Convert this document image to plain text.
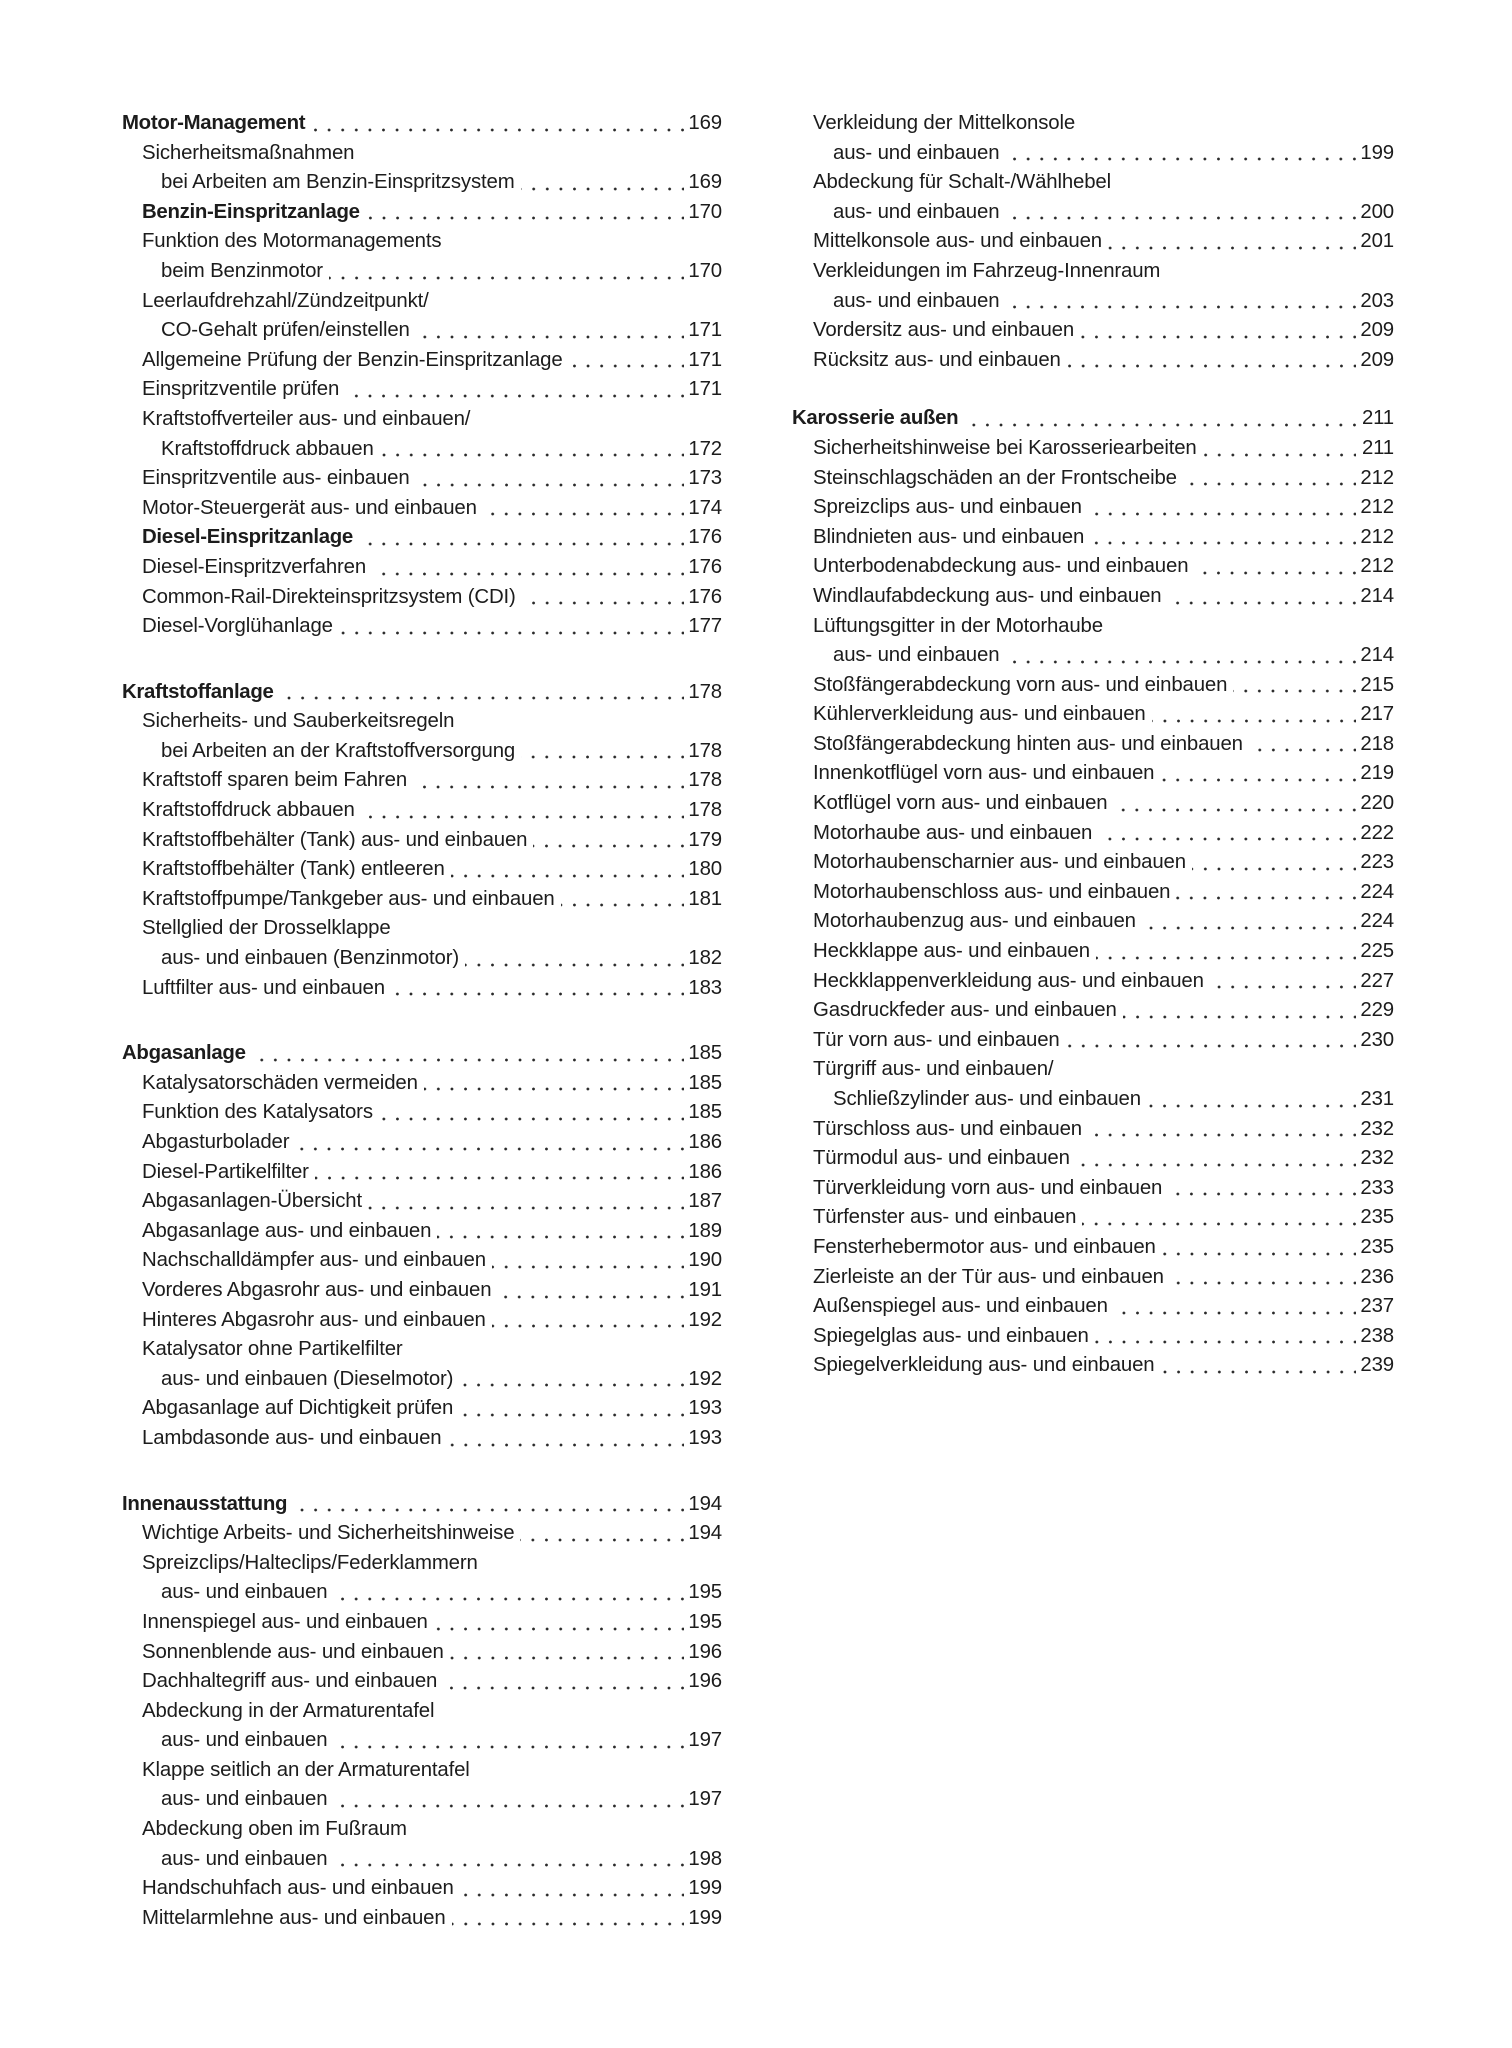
Motor-Management	169
Sicherheitsmaßnahmen
bei Arbeiten am Benzin-Einspritzsystem	169
Benzin-Einspritzanlage	170
Funktion des Motormanagements
beim Benzinmotor	170
Leerlaufdrehzahl/Zündzeitpunkt/
CO-Gehalt prüfen/einstellen	171
Allgemeine Prüfung der Benzin-Einspritzanlage	171
Einspritzventile prüfen	171
Kraftstoffverteiler aus- und einbauen/
Kraftstoffdruck abbauen	172
Einspritzventile aus- einbauen	173
Motor-Steuergerät aus- und einbauen	174
Diesel-Einspritzanlage	176
Diesel-Einspritzverfahren	176
Common-Rail-Direkteinspritzsystem (CDI)	176
Diesel-Vorglühanlage	177
Kraftstoffanlage	178
Sicherheits- und Sauberkeitsregeln
bei Arbeiten an der Kraftstoffversorgung	178
Kraftstoff sparen beim Fahren	178
Kraftstoffdruck abbauen	178
Kraftstoffbehälter (Tank) aus- und einbauen	179
Kraftstoffbehälter (Tank) entleeren	180
Kraftstoffpumpe/Tankgeber aus- und einbauen	181
Stellglied der Drosselklappe
aus- und einbauen (Benzinmotor)	182
Luftfilter aus- und einbauen	183
Abgasanlage	185
Katalysatorschäden vermeiden	185
Funktion des Katalysators	185
Abgasturbolader	186
Diesel-Partikelfilter	186
Abgasanlagen-Übersicht	187
Abgasanlage aus- und einbauen	189
Nachschalldämpfer aus- und einbauen	190
Vorderes Abgasrohr aus- und einbauen	191
Hinteres Abgasrohr aus- und einbauen	192
Katalysator ohne Partikelfilter
aus- und einbauen (Dieselmotor)	192
Abgasanlage auf Dichtigkeit prüfen	193
Lambdasonde aus- und einbauen	193
Innenausstattung	194
Wichtige Arbeits- und Sicherheitshinweise	194
Spreizclips/Halteclips/Federklammern
aus- und einbauen	195
Innenspiegel aus- und einbauen	195
Sonnenblende aus- und einbauen	196
Dachhaltegriff aus- und einbauen	196
Abdeckung in der Armaturentafel
aus- und einbauen	197
Klappe seitlich an der Armaturentafel
aus- und einbauen	197
Abdeckung oben im Fußraum
aus- und einbauen	198
Handschuhfach aus- und einbauen	199
Mittelarmlehne aus- und einbauen	199
Verkleidung der Mittelkonsole
aus- und einbauen	199
Abdeckung für Schalt-/Wählhebel
aus- und einbauen	200
Mittelkonsole aus- und einbauen	201
Verkleidungen im Fahrzeug-Innenraum
aus- und einbauen	203
Vordersitz aus- und einbauen	209
Rücksitz aus- und einbauen	209
Karosserie außen	211
Sicherheitshinweise bei Karosseriearbeiten	211
Steinschlagschäden an der Frontscheibe	212
Spreizclips aus- und einbauen	212
Blindnieten aus- und einbauen	212
Unterbodenabdeckung aus- und einbauen	212
Windlaufabdeckung aus- und einbauen	214
Lüftungsgitter in der Motorhaube
aus- und einbauen	214
Stoßfängerabdeckung vorn aus- und einbauen	215
Kühlerverkleidung aus- und einbauen	217
Stoßfängerabdeckung hinten aus- und einbauen	218
Innenkotflügel vorn aus- und einbauen	219
Kotflügel vorn aus- und einbauen	220
Motorhaube aus- und einbauen	222
Motorhaubenscharnier aus- und einbauen	223
Motorhaubenschloss aus- und einbauen	224
Motorhaubenzug aus- und einbauen	224
Heckklappe aus- und einbauen	225
Heckklappenverkleidung aus- und einbauen	227
Gasdruckfeder aus- und einbauen	229
Tür vorn aus- und einbauen	230
Türgriff aus- und einbauen/
Schließzylinder aus- und einbauen	231
Türschloss aus- und einbauen	232
Türmodul aus- und einbauen	232
Türverkleidung vorn aus- und einbauen	233
Türfenster aus- und einbauen	235
Fensterhebermotor aus- und einbauen	235
Zierleiste an der Tür aus- und einbauen	236
Außenspiegel aus- und einbauen	237
Spiegelglas aus- und einbauen	238
Spiegelverkleidung aus- und einbauen	239
